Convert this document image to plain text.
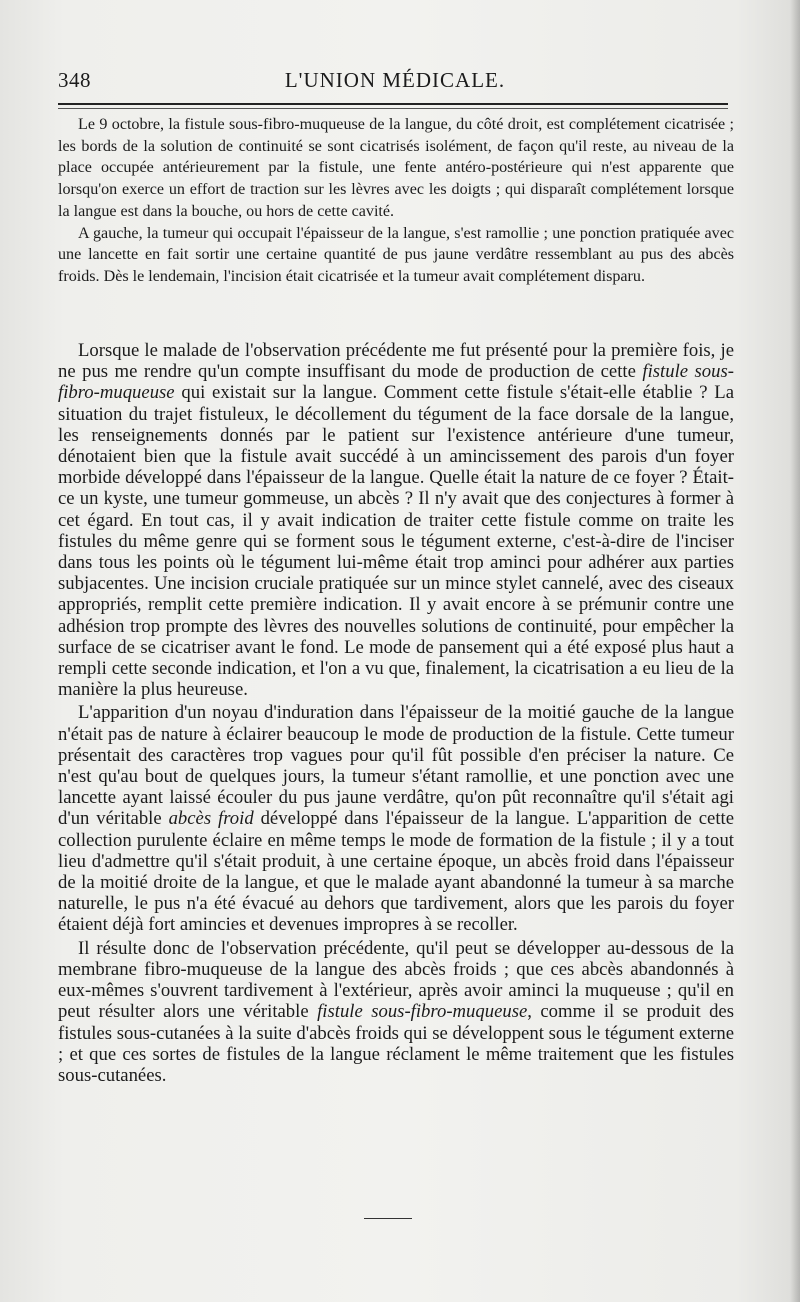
348	L'UNION MÉDICALE.

Le 9 octobre, la fistule sous-fibro-muqueuse de la langue, du côté droit, est complétement cicatrisée ; les bords de la solution de continuité se sont cicatrisés isolément, de façon qu'il reste, au niveau de la place occupée antérieurement par la fistule, une fente antéro-postérieure qui n'est apparente que lorsqu'on exerce un effort de traction sur les lèvres avec les doigts ; qui disparaît complétement lorsque la langue est dans la bouche, ou hors de cette cavité.

A gauche, la tumeur qui occupait l'épaisseur de la langue, s'est ramollie ; une ponction pratiquée avec une lancette en fait sortir une certaine quantité de pus jaune verdâtre ressemblant au pus des abcès froids. Dès le lendemain, l'incision était cicatrisée et la tumeur avait complétement disparu.

Lorsque le malade de l'observation précédente me fut présenté pour la première fois, je ne pus me rendre qu'un compte insuffisant du mode de production de cette fistule sous-fibro-muqueuse qui existait sur la langue. Comment cette fistule s'était-elle établie ? La situation du trajet fistuleux, le décollement du tégument de la face dorsale de la langue, les renseignements donnés par le patient sur l'existence antérieure d'une tumeur, dénotaient bien que la fistule avait succédé à un amincissement des parois d'un foyer morbide développé dans l'épaisseur de la langue. Quelle était la nature de ce foyer ? Était-ce un kyste, une tumeur gommeuse, un abcès ? Il n'y avait que des conjectures à former à cet égard. En tout cas, il y avait indication de traiter cette fistule comme on traite les fistules du même genre qui se forment sous le tégument externe, c'est-à-dire de l'inciser dans tous les points où le tégument lui-même était trop aminci pour adhérer aux parties subjacentes. Une incision cruciale pratiquée sur un mince stylet cannelé, avec des ciseaux appropriés, remplit cette première indication. Il y avait encore à se prémunir contre une adhésion trop prompte des lèvres des nouvelles solutions de continuité, pour empêcher la surface de se cicatriser avant le fond. Le mode de pansement qui a été exposé plus haut a rempli cette seconde indication, et l'on a vu que, finalement, la cicatrisation a eu lieu de la manière la plus heureuse.

L'apparition d'un noyau d'induration dans l'épaisseur de la moitié gauche de la langue n'était pas de nature à éclairer beaucoup le mode de production de la fistule. Cette tumeur présentait des caractères trop vagues pour qu'il fût possible d'en préciser la nature. Ce n'est qu'au bout de quelques jours, la tumeur s'étant ramollie, et une ponction avec une lancette ayant laissé écouler du pus jaune verdâtre, qu'on pût reconnaître qu'il s'était agi d'un véritable abcès froid développé dans l'épaisseur de la langue. L'apparition de cette collection purulente éclaire en même temps le mode de formation de la fistule ; il y a tout lieu d'admettre qu'il s'était produit, à une certaine époque, un abcès froid dans l'épaisseur de la moitié droite de la langue, et que le malade ayant abandonné la tumeur à sa marche naturelle, le pus n'a été évacué au dehors que tardivement, alors que les parois du foyer étaient déjà fort amincies et devenues impropres à se recoller.

Il résulte donc de l'observation précédente, qu'il peut se développer au-dessous de la membrane fibro-muqueuse de la langue des abcès froids ; que ces abcès abandonnés à eux-mêmes s'ouvrent tardivement à l'extérieur, après avoir aminci la muqueuse ; qu'il en peut résulter alors une véritable fistule sous-fibro-muqueuse, comme il se produit des fistules sous-cutanées à la suite d'abcès froids qui se développent sous le tégument externe ; et que ces sortes de fistules de la langue réclament le même traitement que les fistules sous-cutanées.
